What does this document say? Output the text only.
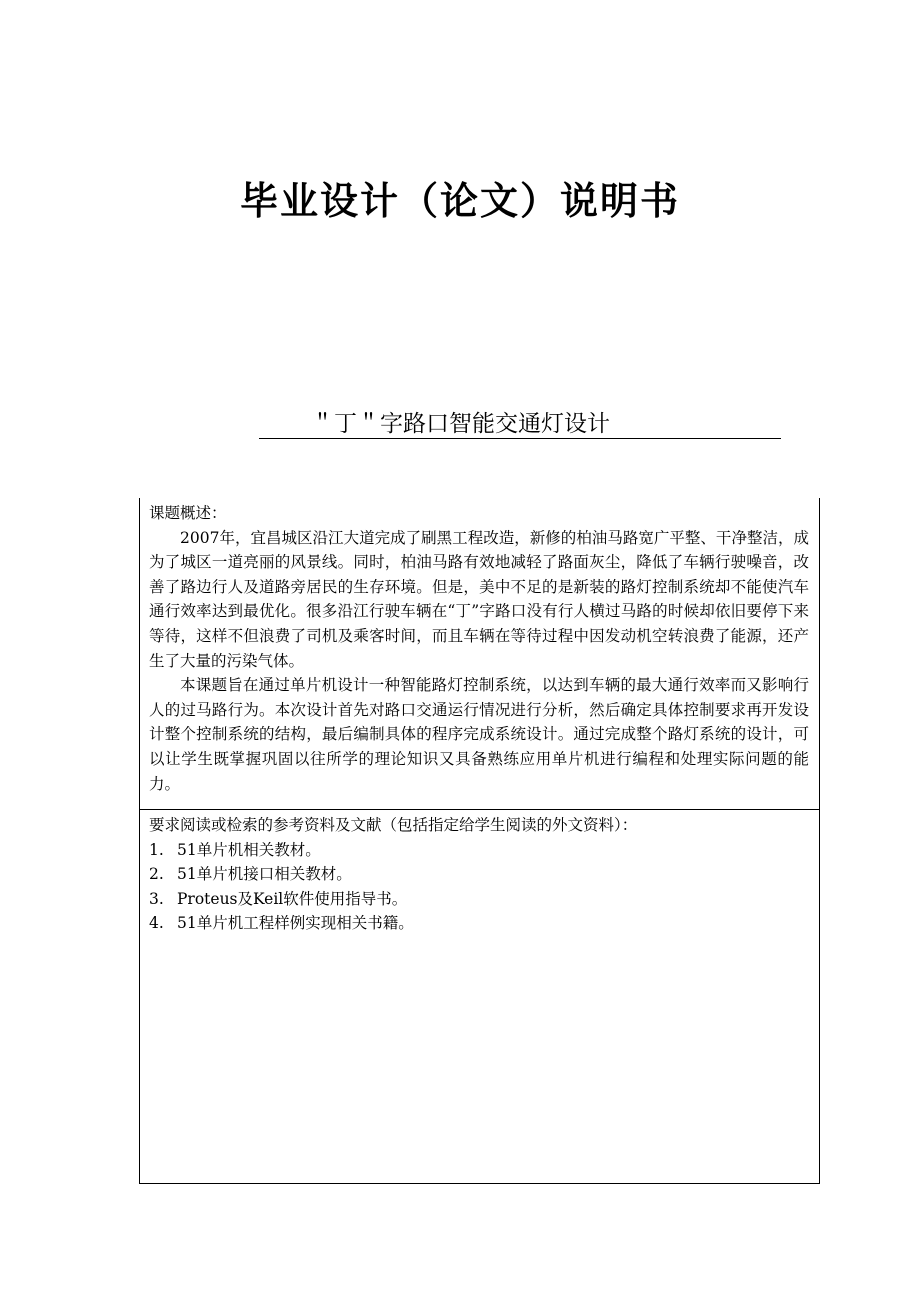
毕业设计（论文）说明书
＂丁＂字路口智能交通灯设计

课题概述：

2007年，宜昌城区沿江大道完成了刷黑工程改造，新修的柏油马路宽广平整、干净整洁，成为了城区一道亮丽的风景线。同时，柏油马路有效地减轻了路面灰尘，降低了车辆行驶噪音，改善了路边行人及道路旁居民的生存环境。但是，美中不足的是新装的路灯控制系统却不能使汽车通行效率达到最优化。很多沿江行驶车辆在“丁”字路口没有行人横过马路的时候却依旧要停下来等待，这样不但浪费了司机及乘客时间，而且车辆在等待过程中因发动机空转浪费了能源，还产生了大量的污染气体。

本课题旨在通过单片机设计一种智能路灯控制系统，以达到车辆的最大通行效率而又影响行人的过马路行为。本次设计首先对路口交通运行情况进行分析，然后确定具体控制要求再开发设计整个控制系统的结构，最后编制具体的程序完成系统设计。通过完成整个路灯系统的设计，可以让学生既掌握巩固以往所学的理论知识又具备熟练应用单片机进行编程和处理实际问题的能力。

要求阅读或检索的参考资料及文献（包括指定给学生阅读的外文资料）：

1. 51单片机相关教材。

2. 51单片机接口相关教材。

3. Proteus及Keil软件使用指导书。

4. 51单片机工程样例实现相关书籍。
